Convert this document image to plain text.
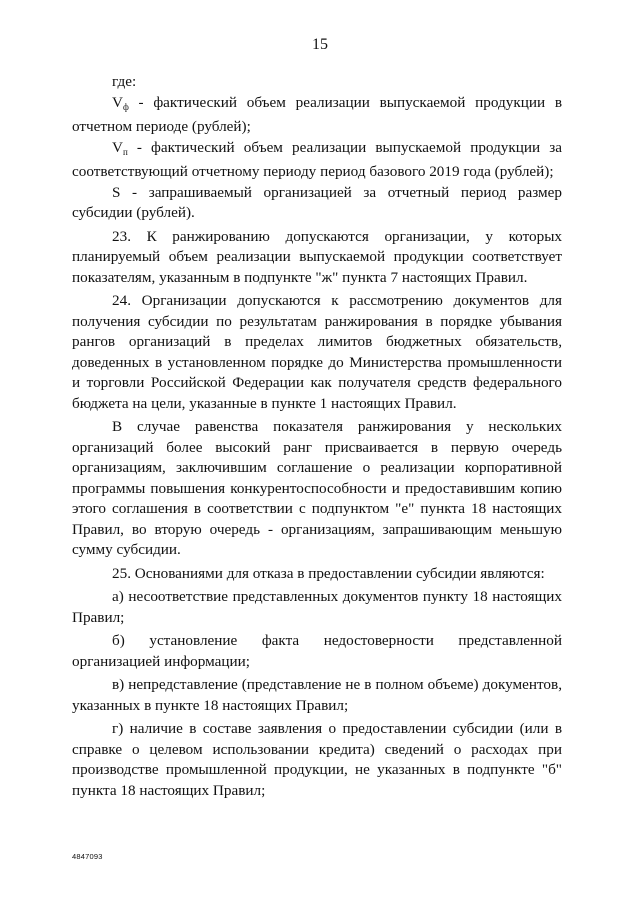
15

где:

Vф - фактический объем реализации выпускаемой продукции в отчетном периоде (рублей);

Vп - фактический объем реализации выпускаемой продукции за соответствующий отчетному периоду период базового 2019 года (рублей);

S - запрашиваемый организацией за отчетный период размер субсидии (рублей).

23. К ранжированию допускаются организации, у которых планируемый объем реализации выпускаемой продукции соответствует показателям, указанным в подпункте "ж" пункта 7 настоящих Правил.

24. Организации допускаются к рассмотрению документов для получения субсидии по результатам ранжирования в порядке убывания рангов организаций в пределах лимитов бюджетных обязательств, доведенных в установленном порядке до Министерства промышленности и торговли Российской Федерации как получателя средств федерального бюджета на цели, указанные в пункте 1 настоящих Правил.

В случае равенства показателя ранжирования у нескольких организаций более высокий ранг присваивается в первую очередь организациям, заключившим соглашение о реализации корпоративной программы повышения конкурентоспособности и предоставившим копию этого соглашения в соответствии с подпунктом "е" пункта 18 настоящих Правил, во вторую очередь - организациям, запрашивающим меньшую сумму субсидии.

25. Основаниями для отказа в предоставлении субсидии являются:

а) несоответствие представленных документов пункту 18 настоящих Правил;

б) установление факта недостоверности представленной организацией информации;

в) непредставление (представление не в полном объеме) документов, указанных в пункте 18 настоящих Правил;

г) наличие в составе заявления о предоставлении субсидии (или в справке о целевом использовании кредита) сведений о расходах при производстве промышленной продукции, не указанных в подпункте "б" пункта 18 настоящих Правил;

4847093
